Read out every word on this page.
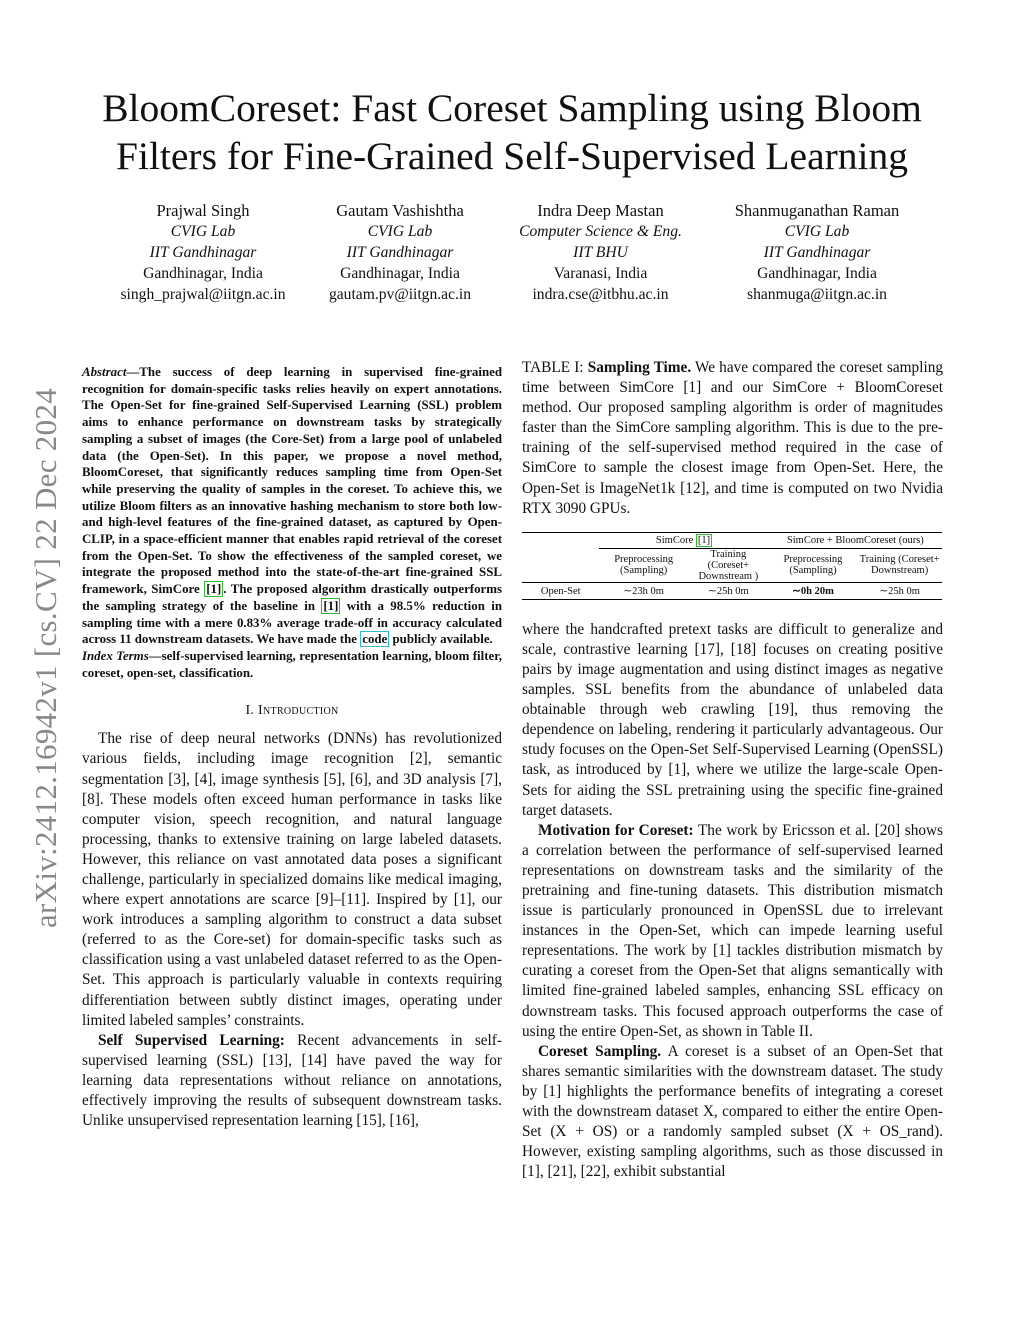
arXiv:2412.16942v1 [cs.CV] 22 Dec 2024
BloomCoreset: Fast Coreset Sampling using Bloom Filters for Fine-Grained Self-Supervised Learning
Prajwal Singh
CVIG Lab
IIT Gandhinagar
Gandhinagar, India
singh_prajwal@iitgn.ac.in
Gautam Vashishtha
CVIG Lab
IIT Gandhinagar
Gandhinagar, India
gautam.pv@iitgn.ac.in
Indra Deep Mastan
Computer Science & Eng.
IIT BHU
Varanasi, India
indra.cse@itbhu.ac.in
Shanmuganathan Raman
CVIG Lab
IIT Gandhinagar
Gandhinagar, India
shanmuga@iitgn.ac.in

Abstract—The success of deep learning in supervised fine-grained recognition for domain-specific tasks relies heavily on expert annotations. The Open-Set for fine-grained Self-Supervised Learning (SSL) problem aims to enhance performance on downstream tasks by strategically sampling a subset of images (the Core-Set) from a large pool of unlabeled data (the Open-Set). In this paper, we propose a novel method, BloomCoreset, that significantly reduces sampling time from Open-Set while preserving the quality of samples in the coreset. To achieve this, we utilize Bloom filters as an innovative hashing mechanism to store both low- and high-level features of the fine-grained dataset, as captured by Open-CLIP, in a space-efficient manner that enables rapid retrieval of the coreset from the Open-Set. To show the effectiveness of the sampled coreset, we integrate the proposed method into the state-of-the-art fine-grained SSL framework, SimCore [1] . The proposed algorithm drastically outperforms the sampling strategy of the baseline in [1] with a 98.5% reduction in sampling time with a mere 0.83% average trade-off in accuracy calculated across 11 downstream datasets. We have made the code publicly available.

Index Terms—self-supervised learning, representation learning, bloom filter, coreset, open-set, classification.

I. Introduction

The rise of deep neural networks (DNNs) has revolutionized various fields, including image recognition [2], semantic segmentation [3], [4], image synthesis [5], [6], and 3D analysis [7], [8]. These models often exceed human performance in tasks like computer vision, speech recognition, and natural language processing, thanks to extensive training on large labeled datasets. However, this reliance on vast annotated data poses a significant challenge, particularly in specialized domains like medical imaging, where expert annotations are scarce [9]–[11]. Inspired by [1], our work introduces a sampling algorithm to construct a data subset (referred to as the Core-set) for domain-specific tasks such as classification using a vast unlabeled dataset referred to as the Open-Set. This approach is particularly valuable in contexts requiring differentiation between subtly distinct images, operating under limited labeled samples’ constraints.

Self Supervised Learning: Recent advancements in self-supervised learning (SSL) [13], [14] have paved the way for learning data representations without reliance on annotations, effectively improving the results of subsequent downstream tasks. Unlike unsupervised representation learning [15], [16],

TABLE I: Sampling Time. We have compared the coreset sampling time between SimCore [1] and our SimCore + BloomCoreset method. Our proposed sampling algorithm is order of magnitudes faster than the SimCore sampling algorithm. This is due to the pre-training of the self-supervised method required in the case of SimCore to sample the closest image from Open-Set. Here, the Open-Set is ImageNet1k [12], and time is computed on two Nvidia RTX 3090 GPUs.

	SimCore [1]		SimCore + BloomCoreset (ours)	
	Preprocessing (Sampling)	Training (Coreset+ Downstream )	Preprocessing (Sampling)	Training (Coreset+ Downstream)
Open-Set	∼23h 0m	∼25h 0m	∼0h 20m	∼25h 0m

where the handcrafted pretext tasks are difficult to generalize and scale, contrastive learning [17], [18] focuses on creating positive pairs by image augmentation and using distinct images as negative samples. SSL benefits from the abundance of unlabeled data obtainable through web crawling [19], thus removing the dependence on labeling, rendering it particularly advantageous. Our study focuses on the Open-Set Self-Supervised Learning (OpenSSL) task, as introduced by [1], where we utilize the large-scale Open-Sets for aiding the SSL pretraining using the specific fine-grained target datasets.

Motivation for Coreset: The work by Ericsson et al. [20] shows a correlation between the performance of self-supervised learned representations on downstream tasks and the similarity of the pretraining and fine-tuning datasets. This distribution mismatch issue is particularly pronounced in OpenSSL due to irrelevant instances in the Open-Set, which can impede learning useful representations. The work by [1] tackles distribution mismatch by curating a coreset from the Open-Set that aligns semantically with limited fine-grained labeled samples, enhancing SSL efficacy on downstream tasks. This focused approach outperforms the case of using the entire Open-Set, as shown in Table II.

Coreset Sampling. A coreset is a subset of an Open-Set that shares semantic similarities with the downstream dataset. The study by [1] highlights the performance benefits of integrating a coreset with the downstream dataset X, compared to either the entire Open-Set (X + OS) or a randomly sampled subset (X + OS_rand). However, existing sampling algorithms, such as those discussed in [1], [21], [22], exhibit substantial
